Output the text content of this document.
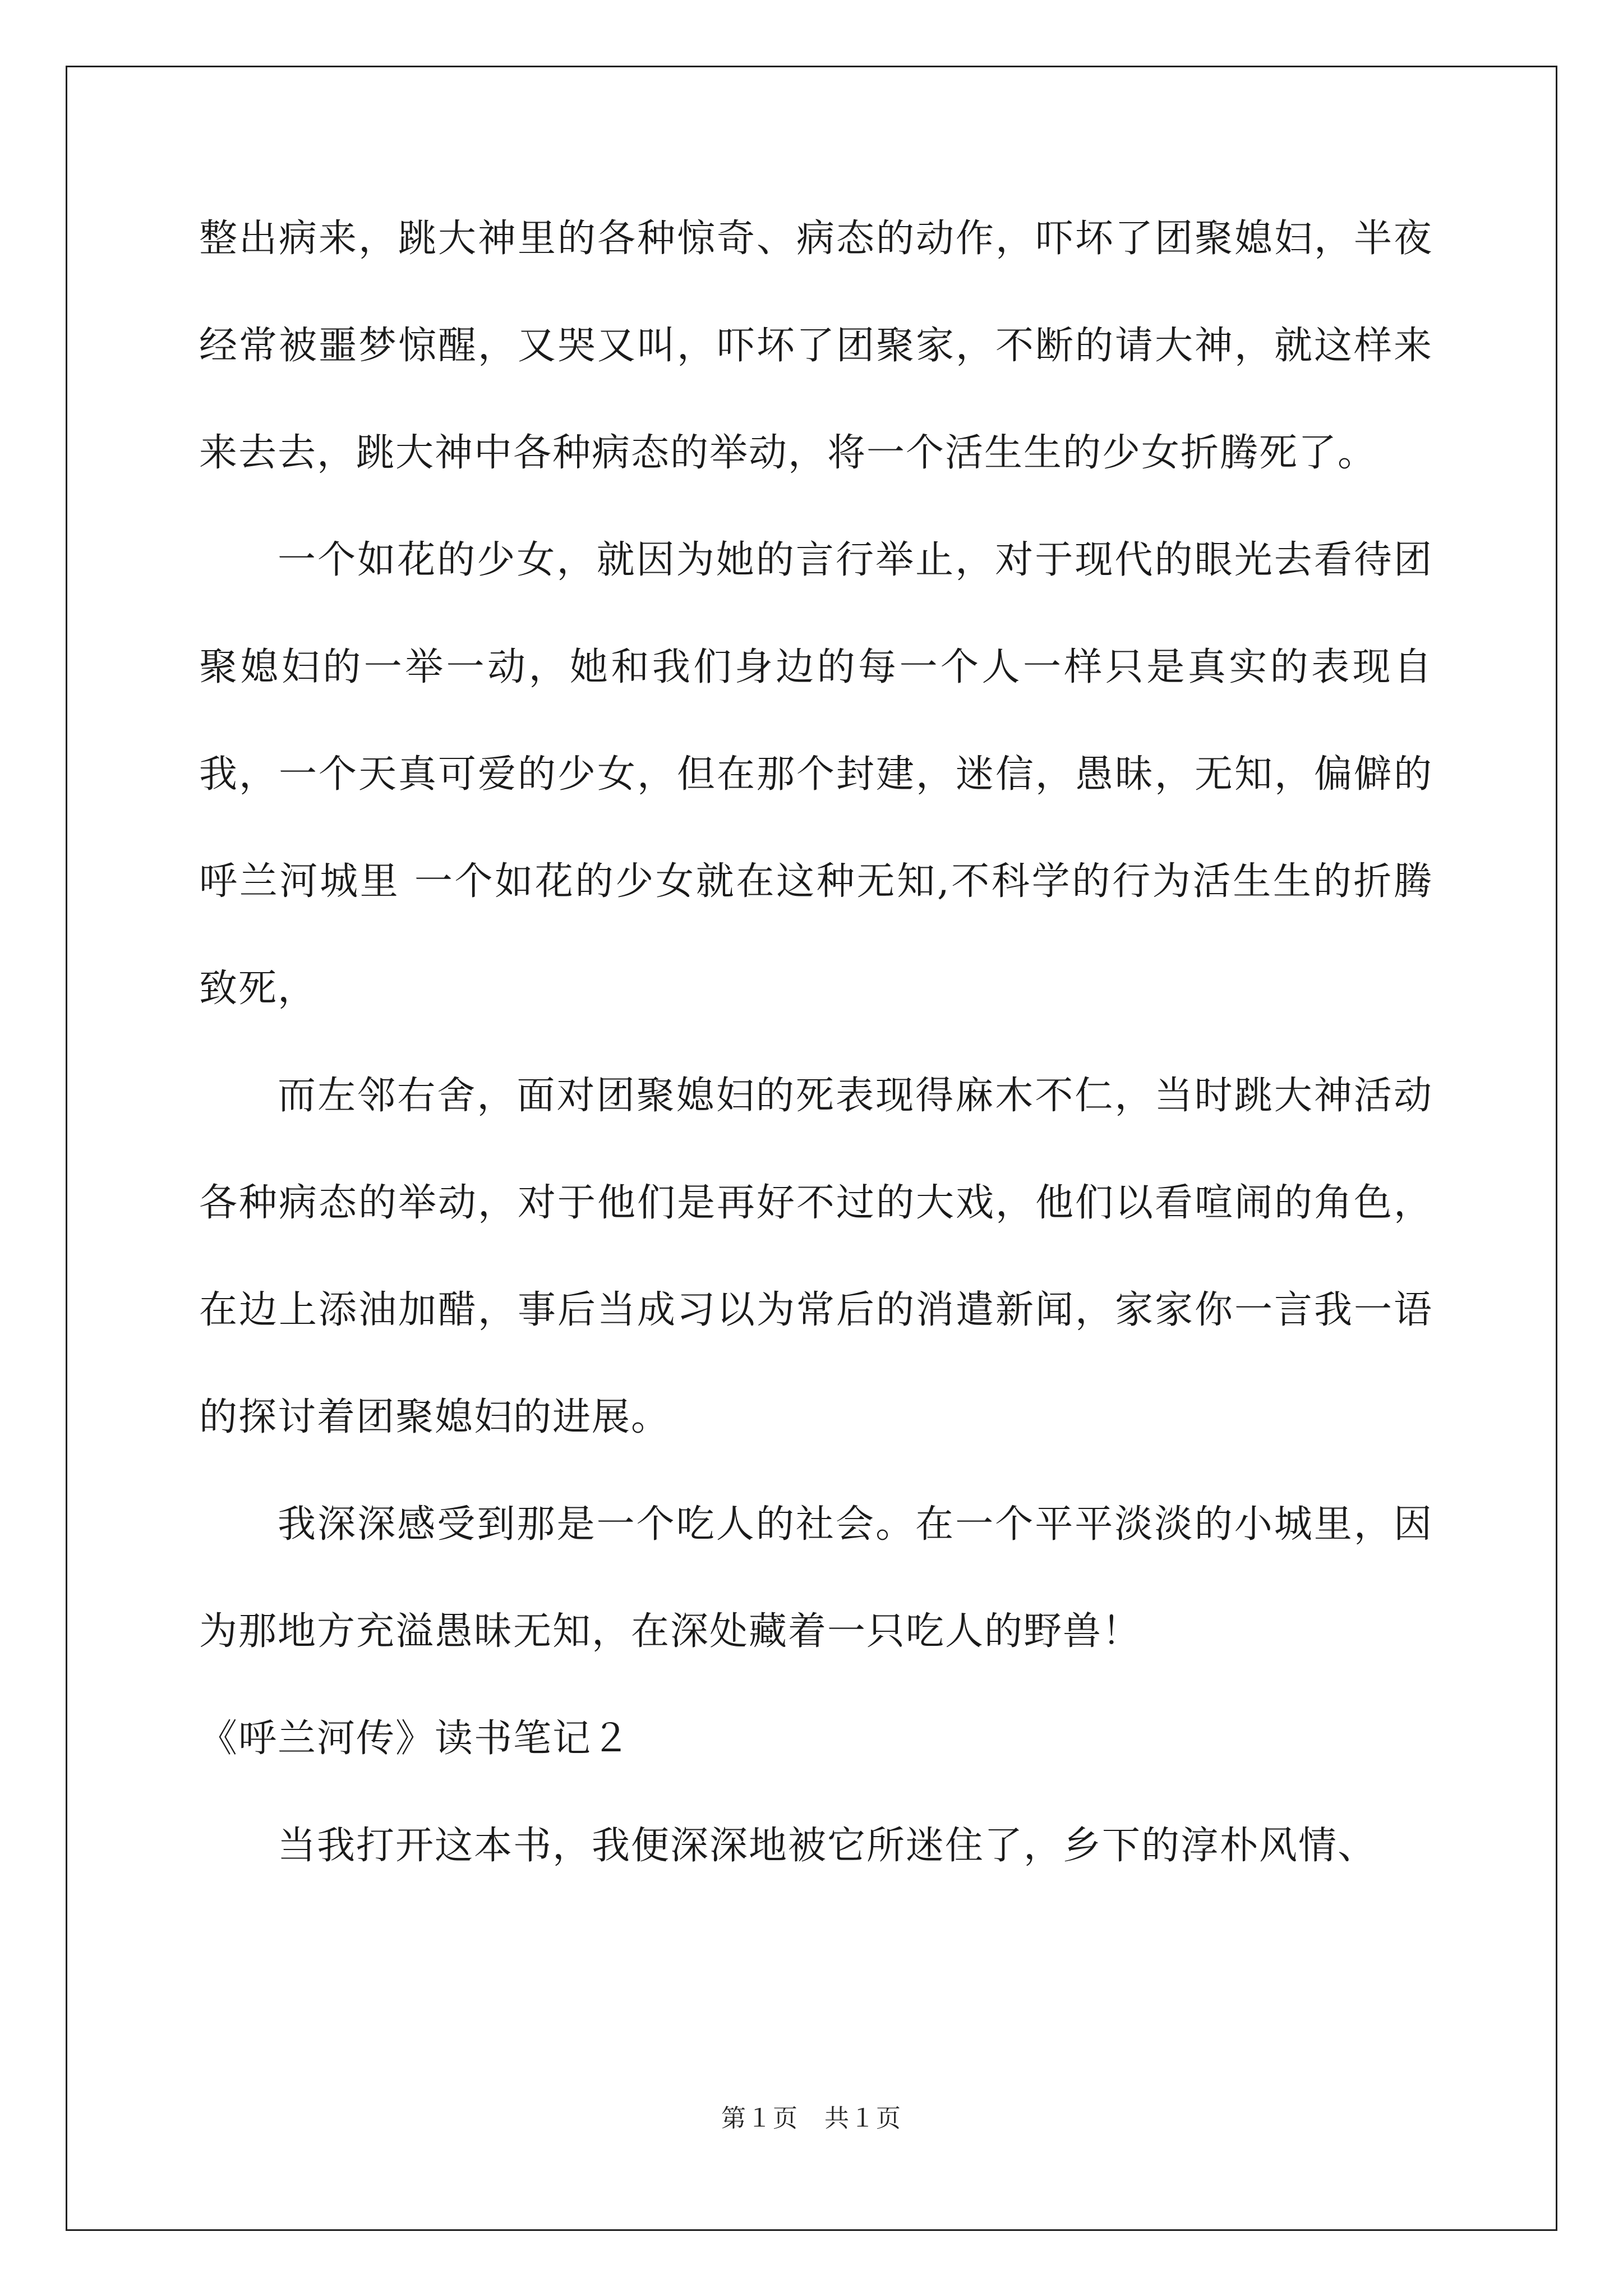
整出病来，跳大神里的各种惊奇、病态的动作，吓坏了团聚媳妇，半夜经常被噩梦惊醒，又哭又叫，吓坏了团聚家，不断的请大神，就这样来来去去，跳大神中各种病态的举动，将一个活生生的少女折腾死了。

一个如花的少女，就因为她的言行举止，对于现代的眼光去看待团聚媳妇的一举一动，她和我们身边的每一个人一样只是真实的表现自我，一个天真可爱的少女，但在那个封建，迷信，愚昧，无知，偏僻的呼兰河城里 一个如花的少女就在这种无知,不科学的行为活生生的折腾致死，

而左邻右舍，面对团聚媳妇的死表现得麻木不仁，当时跳大神活动各种病态的举动，对于他们是再好不过的大戏，他们以看喧闹的角色，在边上添油加醋，事后当成习以为常后的消遣新闻，家家你一言我一语的探讨着团聚媳妇的进展。

我深深感受到那是一个吃人的社会。在一个平平淡淡的小城里，因为那地方充溢愚昧无知，在深处藏着一只吃人的野兽！

《呼兰河传》读书笔记２

当我打开这本书，我便深深地被它所迷住了，乡下的淳朴风情、

第１页　共１页
